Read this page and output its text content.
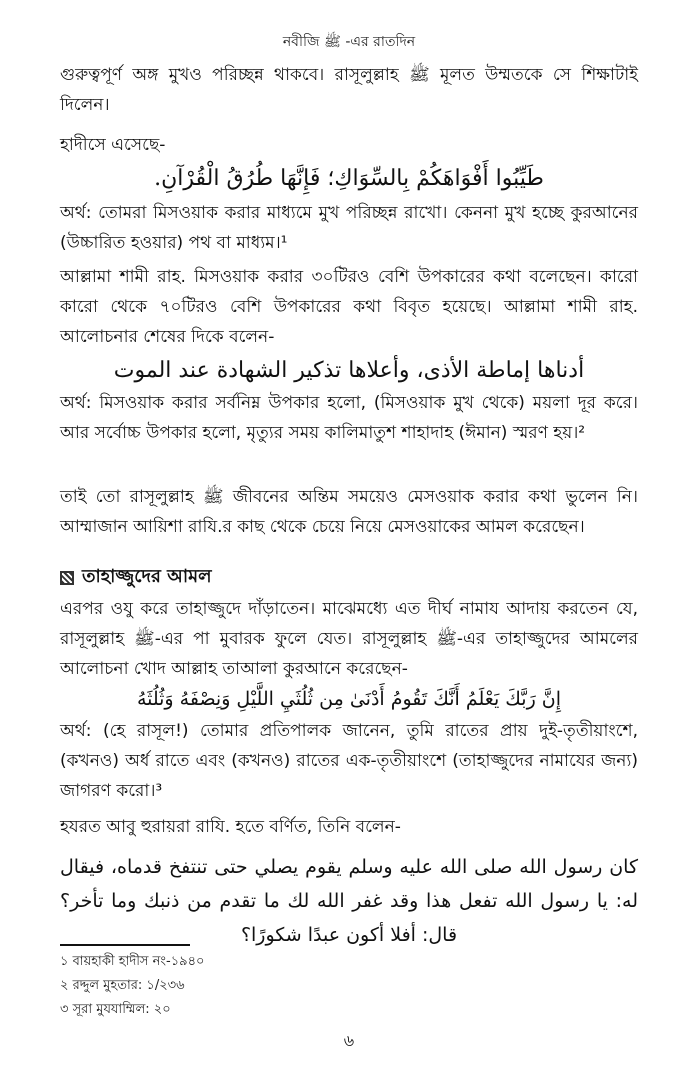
নবীজি ﷺ -এর রাতদিন

গুরুত্বপূর্ণ অঙ্গ মুখও পরিচ্ছন্ন থাকবে। রাসূলুল্লাহ ﷺ মূলত উম্মতকে সে শিক্ষাটাই দিলেন।

হাদীসে এসেছে-

طَيِّبُوا أَفْوَاهَكُمْ بِالسِّوَاكِ؛ فَإِنَّهَا طُرُقُ الْقُرْآنِ.

অর্থ: তোমরা মিসওয়াক করার মাধ্যমে মুখ পরিচ্ছন্ন রাখো। কেননা মুখ হচ্ছে কুরআনের (উচ্চারিত হওয়ার) পথ বা মাধ্যম।¹

আল্লামা শামী রাহ. মিসওয়াক করার ৩০টিরও বেশি উপকারের কথা বলেছেন। কারো কারো থেকে ৭০টিরও বেশি উপকারের কথা বিবৃত হয়েছে। আল্লামা শামী রাহ. আলোচনার শেষের দিকে বলেন-

أدناها إماطة الأذى، وأعلاها تذكير الشهادة عند الموت

অর্থ: মিসওয়াক করার সর্বনিম্ন উপকার হলো, (মিসওয়াক মুখ থেকে) ময়লা দূর করে। আর সর্বোচ্চ উপকার হলো, মৃত্যুর সময় কালিমাতুশ শাহাদাহ (ঈমান) স্মরণ হয়।²

তাই তো রাসূলুল্লাহ ﷺ জীবনের অন্তিম সময়েও মেসওয়াক করার কথা ভুলেন নি। আম্মাজান আয়িশা রাযি.র কাছ থেকে চেয়ে নিয়ে মেসওয়াকের আমল করেছেন।

তাহাজ্জুদের আমল

এরপর ওযু করে তাহাজ্জুদে দাঁড়াতেন। মাঝেমধ্যে এত দীর্ঘ নামায আদায় করতেন যে, রাসূলুল্লাহ ﷺ-এর পা মুবারক ফুলে যেত। রাসূলুল্লাহ ﷺ-এর তাহাজ্জুদের আমলের আলোচনা খোদ আল্লাহ তাআলা কুরআনে করেছেন-

إِنَّ رَبَّكَ يَعْلَمُ أَنَّكَ تَقُومُ أَدْنَىٰ مِن ثُلُثَيِ اللَّيْلِ وَنِصْفَهُ وَثُلُثَهُ

অর্থ: (হে রাসূল!) তোমার প্রতিপালক জানেন, তুমি রাতের প্রায় দুই-তৃতীয়াংশে, (কখনও) অর্ধ রাতে এবং (কখনও) রাতের এক-তৃতীয়াংশে (তাহাজ্জুদের নামাযের জন্য) জাগরণ করো।³

হযরত আবু হুরায়রা রাযি. হতে বর্ণিত, তিনি বলেন-

كان رسول الله صلى الله عليه وسلم يقوم يصلي حتى تنتفخ قدماه، فيقال له: يا رسول الله تفعل هذا وقد غفر الله لك ما تقدم من ذنبك وما تأخر؟ قال: أفلا أكون عبدًا شكورًا؟
১ বায়হাকী হাদীস নং-১৯৪০
২ রদ্দুল মুহতার: ১/২৩৬
৩ সূরা মুযযাম্মিল: ২০
৬
